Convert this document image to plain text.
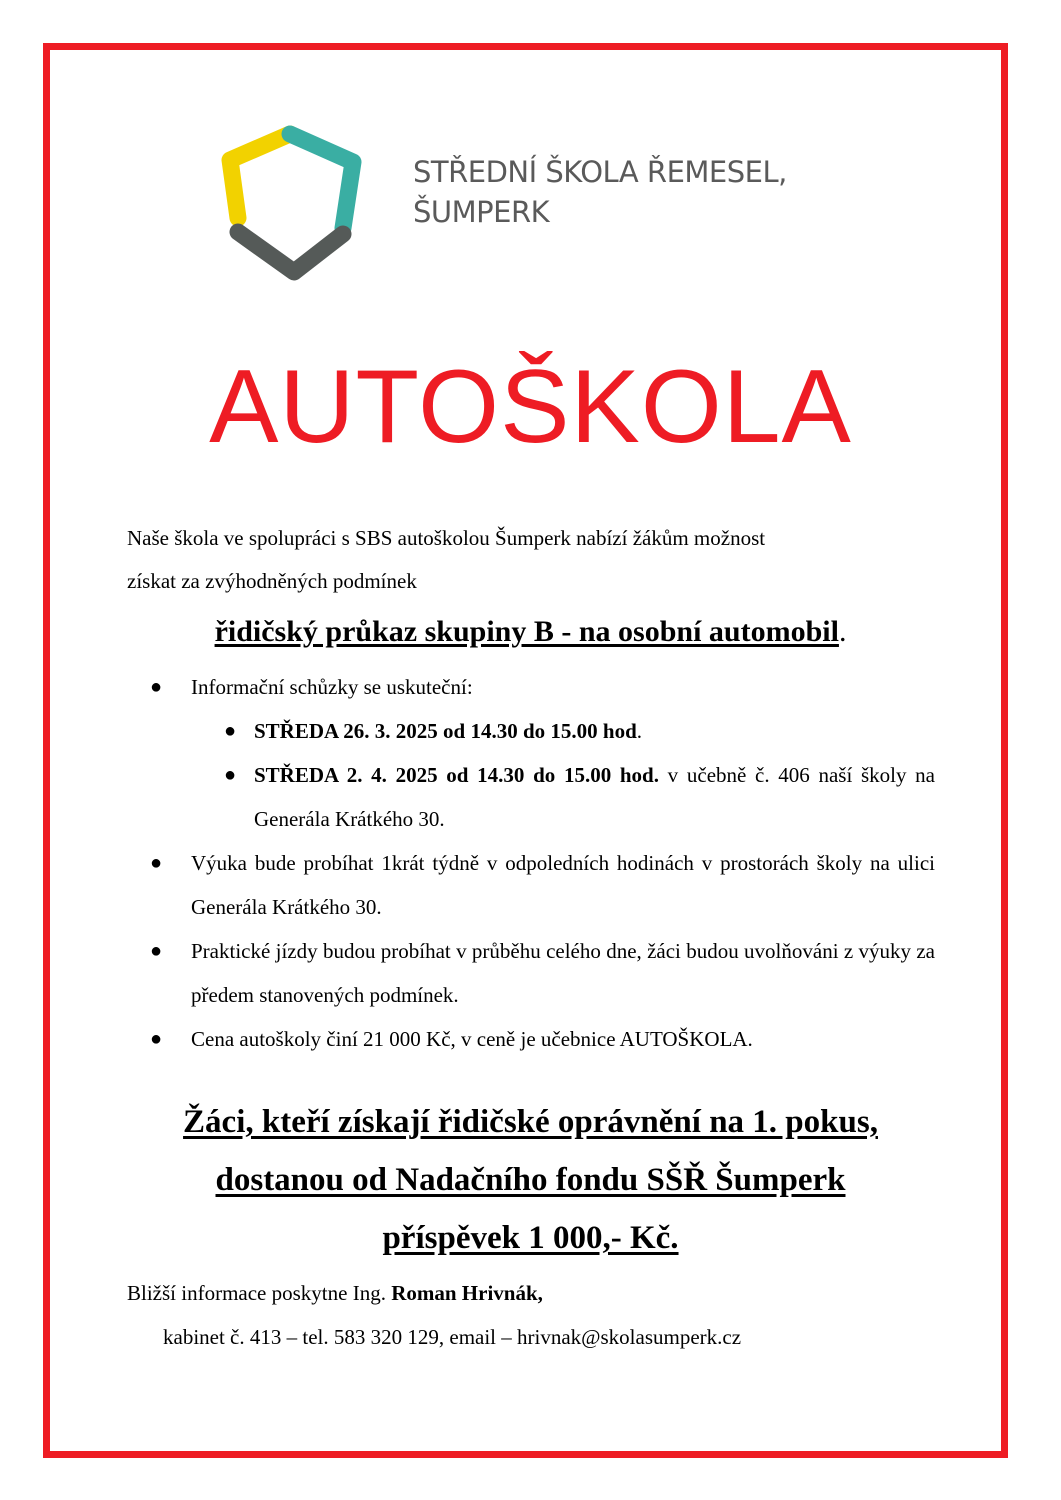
STŘEDNÍ ŠKOLA ŘEMESEL,
ŠUMPERK
AUTOŠKOLA
Naše škola ve spolupráci s SBS autoškolou Šumperk nabízí žákům možnost
získat za zvýhodněných podmínek
řidičský průkaz skupiny B - na osobní automobil.
● Informační schůzky se uskuteční:
● STŘEDA 26. 3. 2025 od 14.30 do 15.00 hod.
● STŘEDA 2. 4. 2025 od 14.30 do 15.00 hod. v učebně č. 406 naší školy na Generála Krátkého 30.
● Výuka bude probíhat 1krát týdně v odpoledních hodinách v prostorách školy na ulici Generála Krátkého 30.
● Praktické jízdy budou probíhat v průběhu celého dne, žáci budou uvolňováni z výuky za předem stanovených podmínek.
● Cena autoškoly činí 21 000 Kč, v ceně je učebnice AUTOŠKOLA.
Žáci, kteří získají řidičské oprávnění na 1. pokus,
dostanou od Nadačního fondu SŠŘ Šumperk
příspěvek 1 000,- Kč.
Bližší informace poskytne Ing. Roman Hrivnák,
kabinet č. 413 – tel. 583 320 129, email – hrivnak@skolasumperk.cz
